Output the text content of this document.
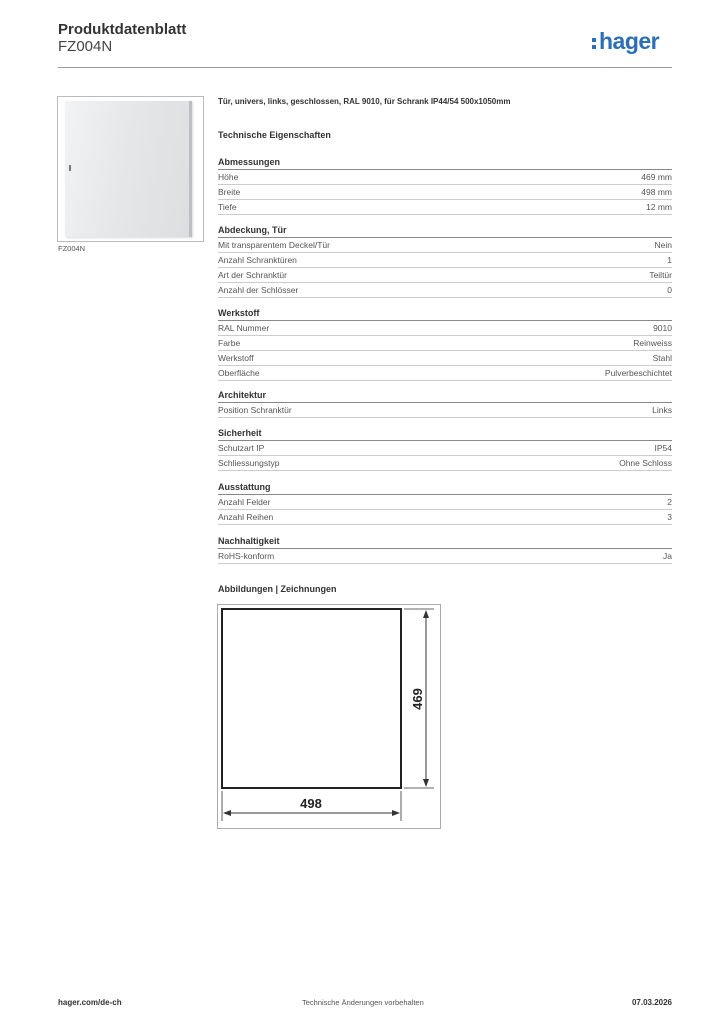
Produktdatenblatt
FZ004N	hager
FZ004N
Tür, univers, links, geschlossen, RAL 9010, für Schrank IP44/54 500x1050mm
Technische Eigenschaften
Abmessungen
Höhe	469 mm
Breite	498 mm
Tiefe	12 mm
Abdeckung, Tür
Mit transparentem Deckel/Tür	Nein
Anzahl Schranktüren	1
Art der Schranktür	Teiltür
Anzahl der Schlösser	0
Werkstoff
RAL Nummer	9010
Farbe	Reinweiss
Werkstoff	Stahl
Oberfläche	Pulverbeschichtet
Architektur
Position Schranktür	Links
Sicherheit
Schutzart IP	IP54
Schliessungstyp	Ohne Schloss
Ausstattung
Anzahl Felder	2
Anzahl Reihen	3
Nachhaltigkeit
RoHS-konform	Ja
Abbildungen | Zeichnungen
469
498
hager.com/de-ch	Technische Änderungen vorbehalten	07.03.2026
